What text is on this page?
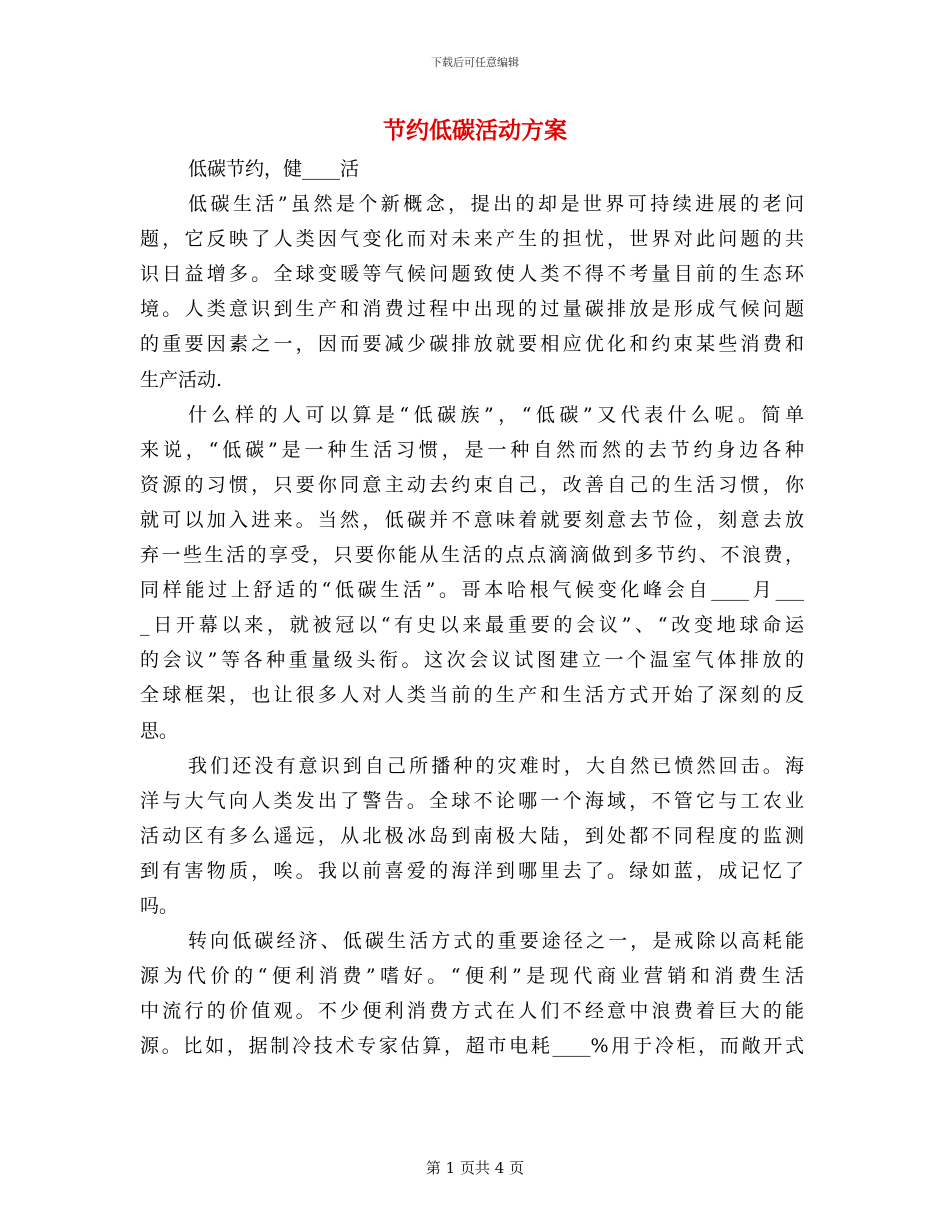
下载后可任意编辑
节约低碳活动方案
低碳节约，健____活
低碳生活”虽然是个新概念，提出的却是世界可持续进展的老问
题，它反映了人类因气变化而对未来产生的担忧，世界对此问题的共
识日益增多。全球变暖等气候问题致使人类不得不考量目前的生态环
境。人类意识到生产和消费过程中出现的过量碳排放是形成气候问题
的重要因素之一，因而要减少碳排放就要相应优化和约束某些消费和
生产活动.
什么样的人可以算是“低碳族”，“低碳”又代表什么呢。简单
来说，“低碳”是一种生活习惯，是一种自然而然的去节约身边各种
资源的习惯，只要你同意主动去约束自己，改善自己的生活习惯，你
就可以加入进来。当然，低碳并不意味着就要刻意去节俭，刻意去放
弃一些生活的享受，只要你能从生活的点点滴滴做到多节约、不浪费，
同样能过上舒适的“低碳生活”。哥本哈根气候变化峰会自____月___
_日开幕以来，就被冠以“有史以来最重要的会议”、“改变地球命运
的会议”等各种重量级头衔。这次会议试图建立一个温室气体排放的
全球框架，也让很多人对人类当前的生产和生活方式开始了深刻的反
思。
我们还没有意识到自己所播种的灾难时，大自然已愤然回击。海
洋与大气向人类发出了警告。全球不论哪一个海域，不管它与工农业
活动区有多么遥远，从北极冰岛到南极大陆，到处都不同程度的监测
到有害物质，唉。我以前喜爱的海洋到哪里去了。绿如蓝，成记忆了
吗。
转向低碳经济、低碳生活方式的重要途径之一，是戒除以高耗能
源为代价的“便利消费”嗜好。“便利”是现代商业营销和消费生活
中流行的价值观。不少便利消费方式在人们不经意中浪费着巨大的能
源。比如，据制冷技术专家估算，超市电耗____%用于冷柜，而敞开式
第 1 页共 4 页
